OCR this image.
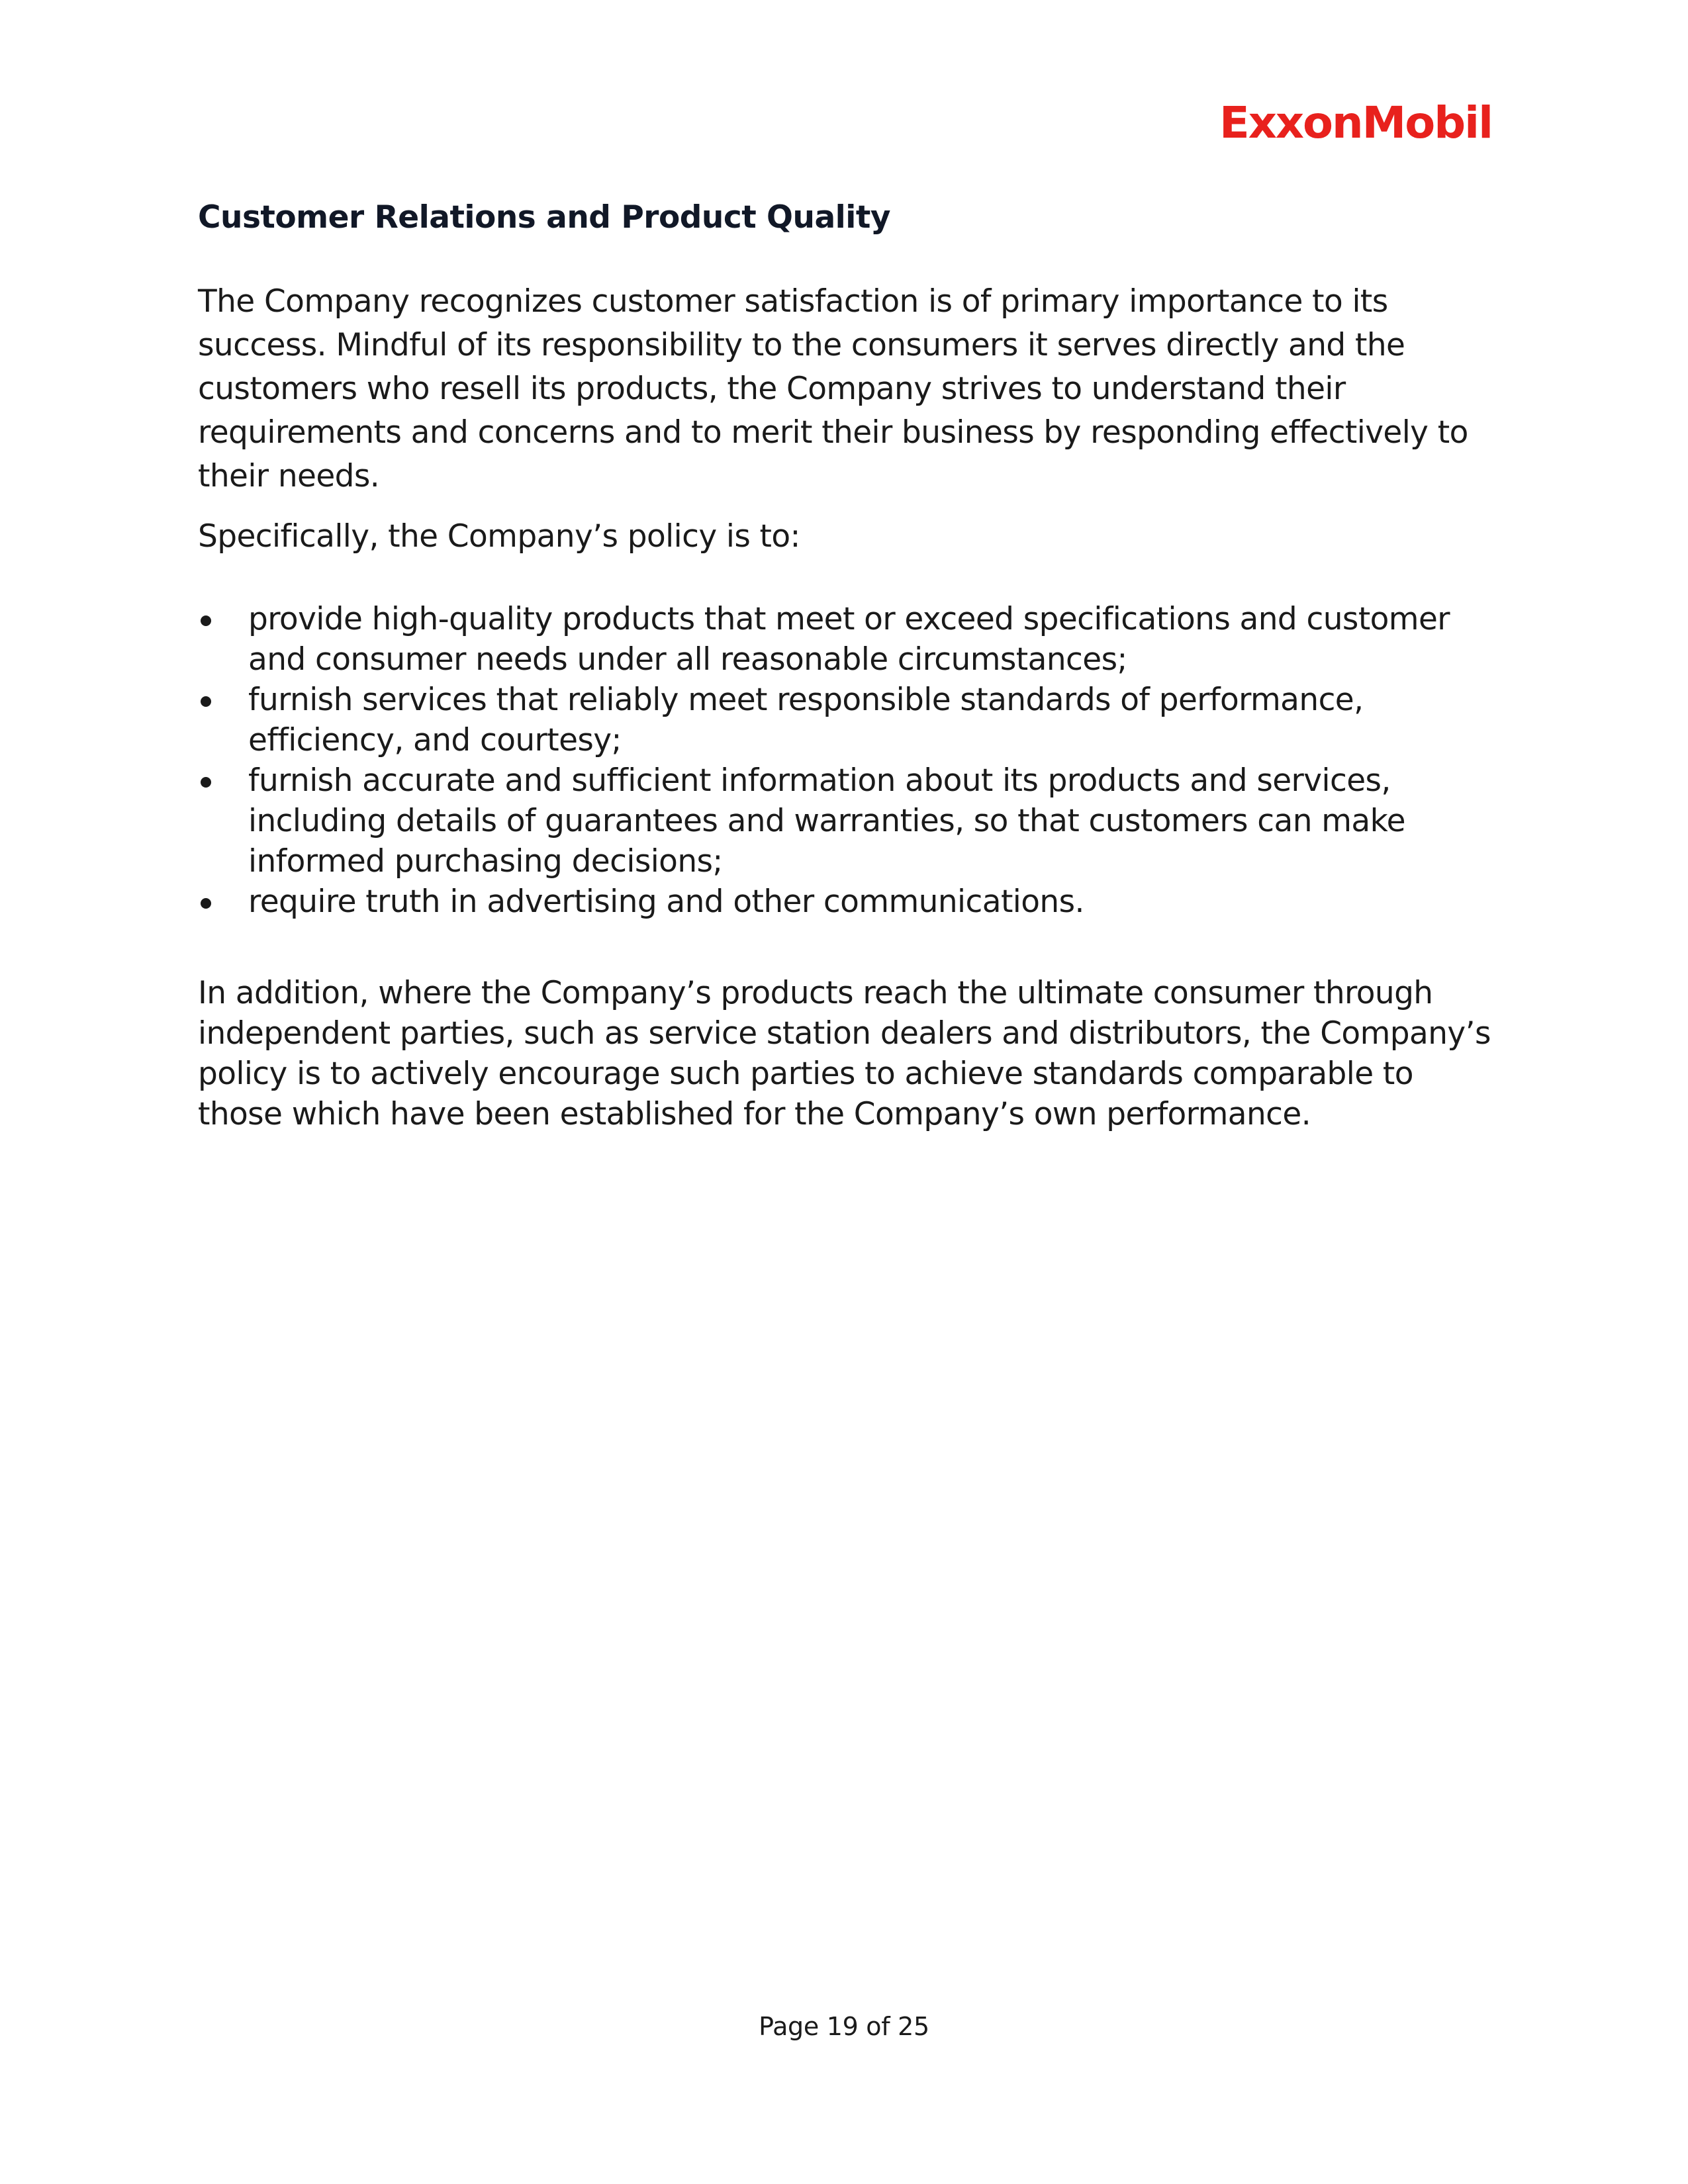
ExxonMobil
Customer Relations and Product Quality

The Company recognizes customer satisfaction is of primary importance to its success. Mindful of its responsibility to the consumers it serves directly and the customers who resell its products, the Company strives to understand their requirements and concerns and to merit their business by responding effectively to their needs.

Specifically, the Company’s policy is to:

provide high-quality products that meet or exceed specifications and customer and consumer needs under all reasonable circumstances;
furnish services that reliably meet responsible standards of performance, efficiency, and courtesy;
furnish accurate and sufficient information about its products and services, including details of guarantees and warranties, so that customers can make informed purchasing decisions;
require truth in advertising and other communications.

In addition, where the Company’s products reach the ultimate consumer through independent parties, such as service station dealers and distributors, the Company’s policy is to actively encourage such parties to achieve standards comparable to those which have been established for the Company’s own performance.

Page 19 of 25
